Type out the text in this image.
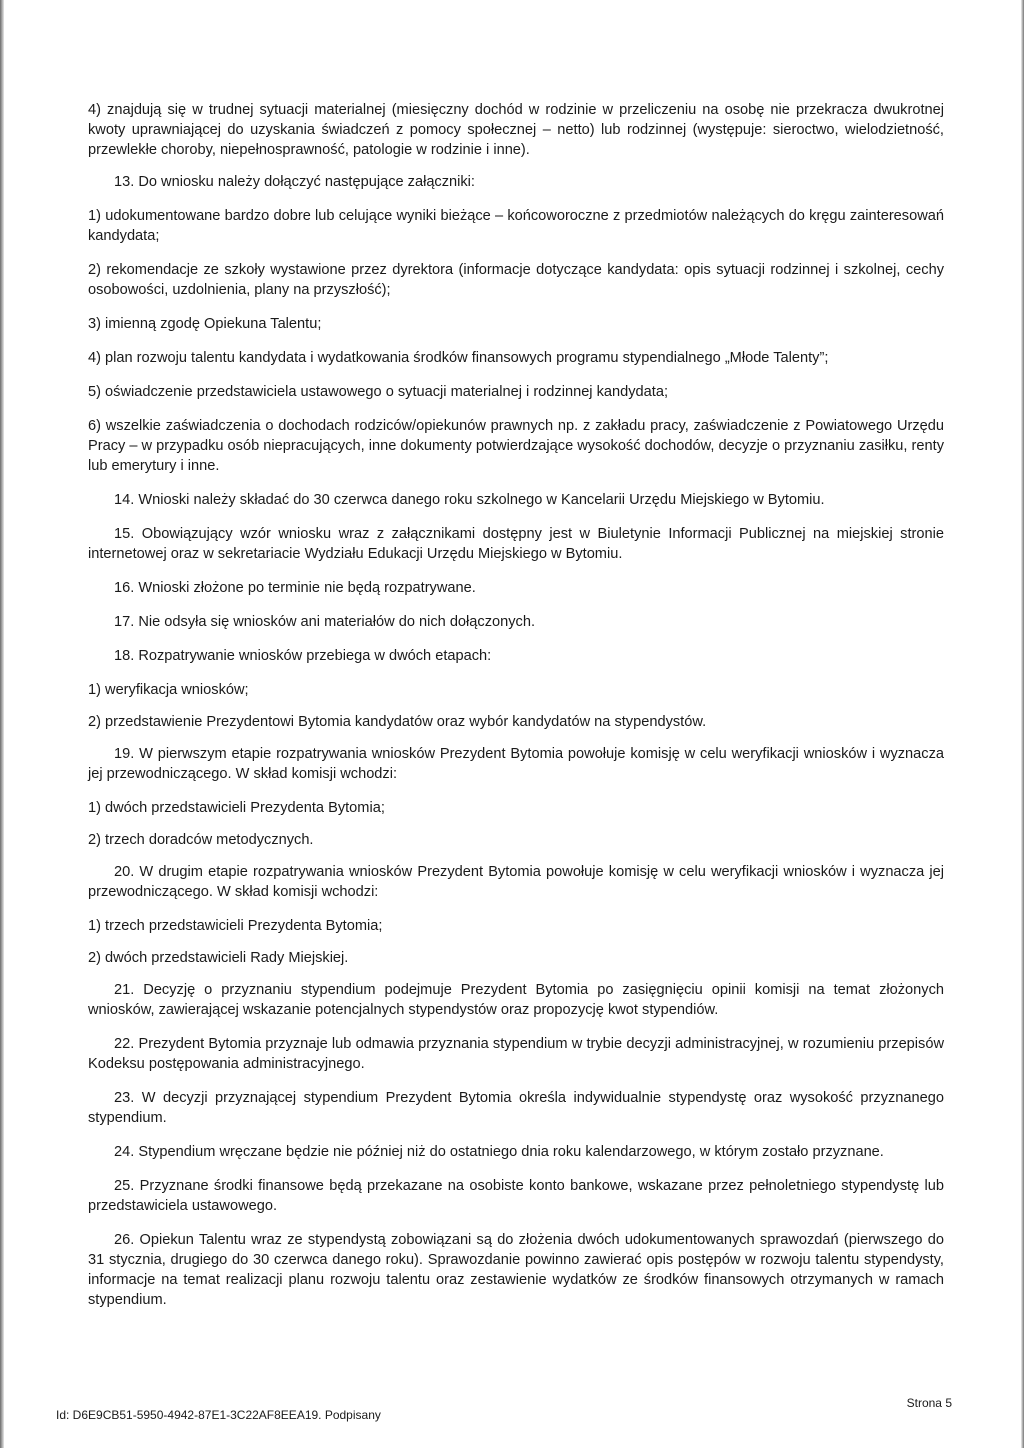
4) znajdują się w trudnej sytuacji materialnej (miesięczny dochód w rodzinie w przeliczeniu na osobę nie przekracza dwukrotnej kwoty uprawniającej do uzyskania świadczeń z pomocy społecznej – netto) lub rodzinnej (występuje: sieroctwo, wielodzietność, przewlekłe choroby, niepełnosprawność, patologie w rodzinie i inne).

13. Do wniosku należy dołączyć następujące załączniki:

1) udokumentowane bardzo dobre lub celujące wyniki bieżące – końcoworoczne z przedmiotów należących do kręgu zainteresowań kandydata;

2) rekomendacje ze szkoły wystawione przez dyrektora (informacje dotyczące kandydata: opis sytuacji rodzinnej i szkolnej, cechy osobowości, uzdolnienia, plany na przyszłość);

3) imienną zgodę Opiekuna Talentu;

4) plan rozwoju talentu kandydata i wydatkowania środków finansowych programu stypendialnego „Młode Talenty”;

5) oświadczenie przedstawiciela ustawowego o sytuacji materialnej i rodzinnej kandydata;

6) wszelkie zaświadczenia o dochodach rodziców/opiekunów prawnych np. z zakładu pracy, zaświadczenie z Powiatowego Urzędu Pracy – w przypadku osób niepracujących, inne dokumenty potwierdzające wysokość dochodów, decyzje o przyznaniu zasiłku, renty lub emerytury i inne.

14. Wnioski należy składać do 30 czerwca danego roku szkolnego w Kancelarii Urzędu Miejskiego w Bytomiu.

15. Obowiązujący wzór wniosku wraz z załącznikami dostępny jest w Biuletynie Informacji Publicznej na miejskiej stronie internetowej oraz w sekretariacie Wydziału Edukacji Urzędu Miejskiego w Bytomiu.

16. Wnioski złożone po terminie nie będą rozpatrywane.

17. Nie odsyła się wniosków ani materiałów do nich dołączonych.

18. Rozpatrywanie wniosków przebiega w dwóch etapach:

1) weryfikacja wniosków;

2) przedstawienie Prezydentowi Bytomia kandydatów oraz wybór kandydatów na stypendystów.

19. W pierwszym etapie rozpatrywania wniosków Prezydent Bytomia powołuje komisję w celu weryfikacji wniosków i wyznacza jej przewodniczącego. W skład komisji wchodzi:

1) dwóch przedstawicieli Prezydenta Bytomia;

2) trzech doradców metodycznych.

20. W drugim etapie rozpatrywania wniosków Prezydent Bytomia powołuje komisję w celu weryfikacji wniosków i wyznacza jej przewodniczącego. W skład komisji wchodzi:

1) trzech przedstawicieli Prezydenta Bytomia;

2) dwóch przedstawicieli Rady Miejskiej.

21. Decyzję o przyznaniu stypendium podejmuje Prezydent Bytomia po zasięgnięciu opinii komisji na temat złożonych wniosków, zawierającej wskazanie potencjalnych stypendystów oraz propozycję kwot stypendiów.

22. Prezydent Bytomia przyznaje lub odmawia przyznania stypendium w trybie decyzji administracyjnej, w rozumieniu przepisów Kodeksu postępowania administracyjnego.

23. W decyzji przyznającej stypendium Prezydent Bytomia określa indywidualnie stypendystę oraz wysokość przyznanego stypendium.

24. Stypendium wręczane będzie nie później niż do ostatniego dnia roku kalendarzowego, w którym zostało przyznane.

25. Przyznane środki finansowe będą przekazane na osobiste konto bankowe, wskazane przez pełnoletniego stypendystę lub przedstawiciela ustawowego.

26. Opiekun Talentu wraz ze stypendystą zobowiązani są do złożenia dwóch udokumentowanych sprawozdań (pierwszego do 31 stycznia, drugiego do 30 czerwca danego roku). Sprawozdanie powinno zawierać opis postępów w rozwoju talentu stypendysty, informacje na temat realizacji planu rozwoju talentu oraz zestawienie wydatków ze środków finansowych otrzymanych w ramach stypendium.

Id: D6E9CB51-5950-4942-87E1-3C22AF8EEA19. Podpisany
Strona 5
